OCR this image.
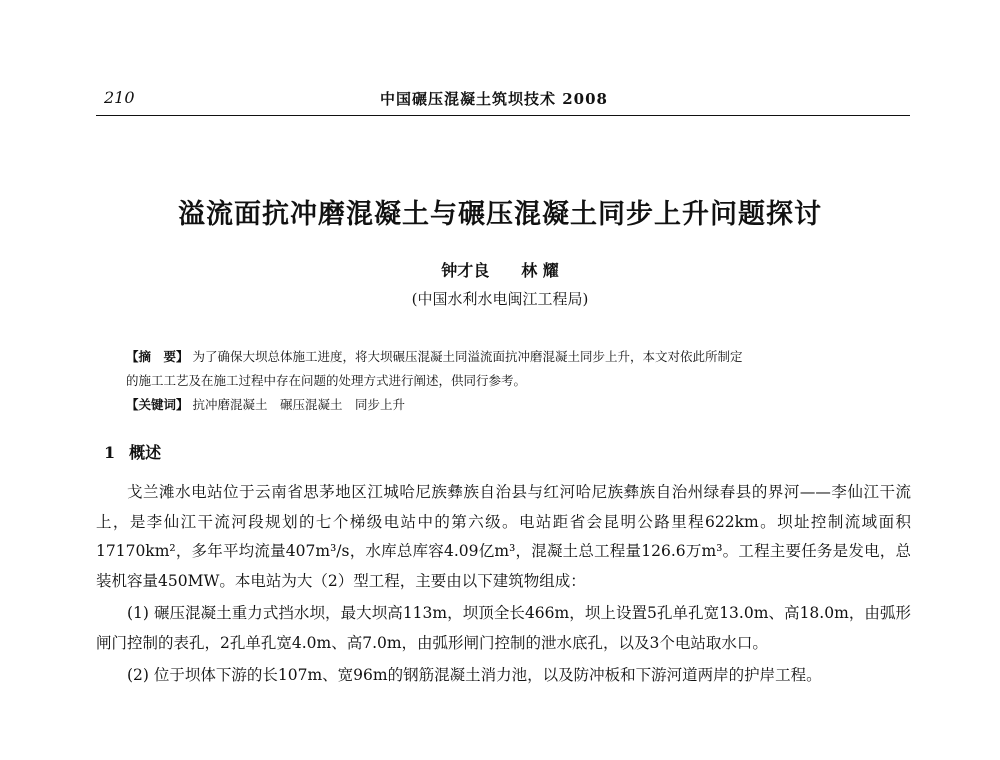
210	中国碾压混凝土筑坝技术 2008
溢流面抗冲磨混凝土与碾压混凝土同步上升问题探讨
钟才良 林 耀
(中国水利水电闽江工程局)
【摘　要】 为了确保大坝总体施工进度，将大坝碾压混凝土同溢流面抗冲磨混凝土同步上升，本文对依此所制定
的施工工艺及在施工过程中存在问题的处理方式进行阐述，供同行参考。
【关键词】 抗冲磨混凝土　碾压混凝土　同步上升
1 概述

戈兰滩水电站位于云南省思茅地区江城哈尼族彝族自治县与红河哈尼族彝族自治州绿春县的界河——李仙江干流上，是李仙江干流河段规划的七个梯级电站中的第六级。电站距省会昆明公路里程622km。坝址控制流域面积17170km²，多年平均流量407m³/s，水库总库容4.09亿m³，混凝土总工程量126.6万m³。工程主要任务是发电，总装机容量450MW。本电站为大（2）型工程，主要由以下建筑物组成：

(1) 碾压混凝土重力式挡水坝，最大坝高113m，坝顶全长466m，坝上设置5孔单孔宽13.0m、高18.0m，由弧形闸门控制的表孔，2孔单孔宽4.0m、高7.0m，由弧形闸门控制的泄水底孔，以及3个电站取水口。

(2) 位于坝体下游的长107m、宽96m的钢筋混凝土消力池，以及防冲板和下游河道两岸的护岸工程。
